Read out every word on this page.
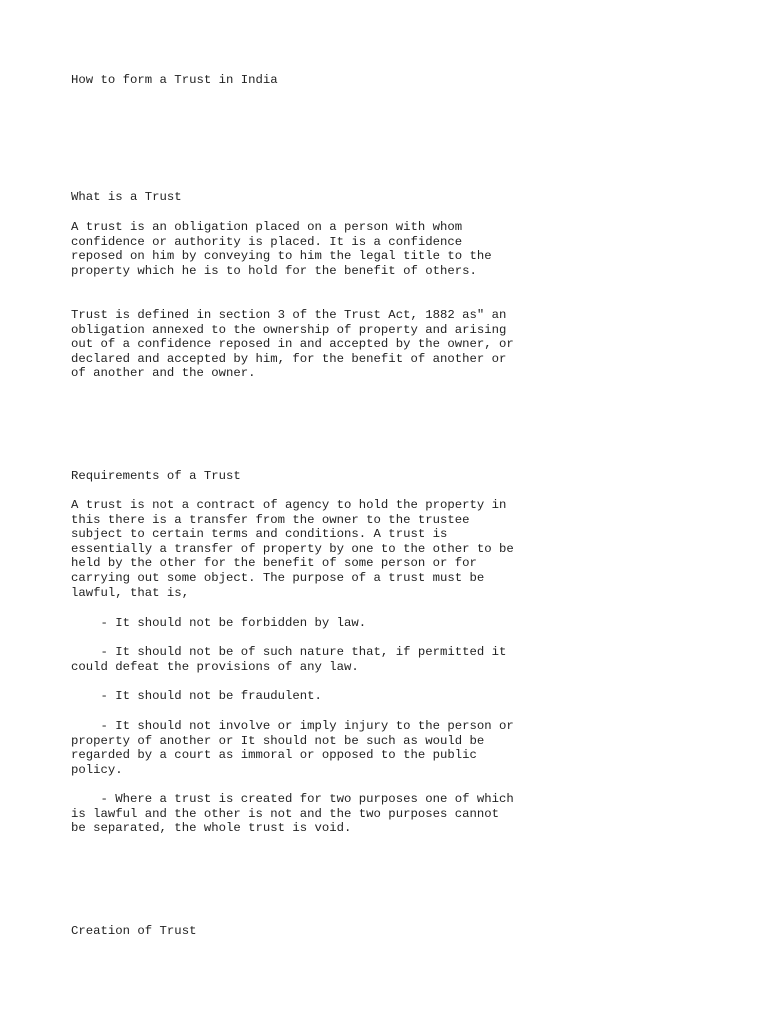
How to form a Trust in India

What is a Trust

A trust is an obligation placed on a person with whom
confidence or authority is placed. It is a confidence
reposed on him by conveying to him the legal title to the
property which he is to hold for the benefit of others.

Trust is defined in section 3 of the Trust Act, 1882 as" an
obligation annexed to the ownership of property and arising
out of a confidence reposed in and accepted by the owner, or
declared and accepted by him, for the benefit of another or
of another and the owner.

Requirements of a Trust

A trust is not a contract of agency to hold the property in
this there is a transfer from the owner to the trustee
subject to certain terms and conditions. A trust is
essentially a transfer of property by one to the other to be
held by the other for the benefit of some person or for
carrying out some object. The purpose of a trust must be
lawful, that is,

- It should not be forbidden by law.

- It should not be of such nature that, if permitted it
could defeat the provisions of any law.

- It should not be fraudulent.

- It should not involve or imply injury to the person or
property of another or It should not be such as would be
regarded by a court as immoral or opposed to the public
policy.

- Where a trust is created for two purposes one of which
is lawful and the other is not and the two purposes cannot
be separated, the whole trust is void.

Creation of Trust
